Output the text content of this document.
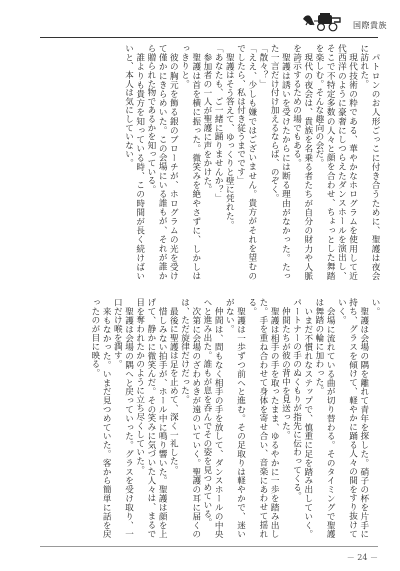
国際貴族

パトロンのお人形ごっこに付き合うために、聖護は夜会に訪れた。

現代技術の粋である、華やかなホログラムを使用して近代西洋のように豪奢にしつらえたダンスホールを演出し、そこで不特定多数の人々と顔を合わせ、ちょっとした舞踏を楽しむ。そんな趣向の会だ。

現代の夜会は、貴族を名乗る者たちが自分の財力や人脈を誇示するための場でもある。

聖護は誘いを受けたからには断る理由がなかった。たった一言だけ付け加えるならば、のぞく。

「散々？」

「ええ、少しも嫌ではございません。貴方がそれを望むのでしたら、私は付き従うまでです」

聖護はそう答えて、ゆっくりと壁に凭れた。

「あなたも、ご一緒に踊りませんか？」

参加者の一人が聖護に声をかけた。

聖護は首を横に振った。微笑みを絶やさずに、しかしはっきりと。

彼の胸元を飾る銀のブローチが、ホログラムの光を受けて僅かにきらめいた。この会場にいる誰もが、それが誰から贈られた物であるかを知っている。

誰よりも貴方を知っている時、この時間が長く続けばいいと、本人は気にしていない。

い。

聖護は会場の隅を離れて青年を探した。硝子の杯を片手に持ち、グラスを傾けて、軽やかに踊る人々の間をすり抜けていく。

会場に流れている曲が切り替わる。そのタイミングで聖護は舞踏の輪に加わった。

いまだ不慣れなステップで、慎重に足を踏み出していく。パートナーの手のぬくもりが指先に伝わってくる。

仲間たちが彼の背中を見送った。

聖護は相手の手を取ったまま、ゆるやかに一歩を踏み出した。手を重ね合わせて身体を寄せ合い、音楽にあわせて揺れる。

聖護は一歩ずつ前へと進む。その足取りは軽やかで、迷いがない。

仲間は、間もなく相手の手を放して、ダンスホールの中央へと進み出た。誰もが息を呑んでその姿を見つめている。

次第に会場のざわめきが遠のいていく。聖護の耳に届くのは、ただ旋律だけだった。

最後に聖護は足を止めて、深く一礼した。

惜しみない拍手が、ホール中に鳴り響いた。聖護は顔を上げて、静かに微笑んだ。その笑みに気づいた人々は、まるで目を奪われたかのように立ち尽くしていた。

聖護は会場の隅へと戻っていった。グラスを受け取り、一口だけ喉を潤す。

来もなかった。いまだ見つめていた。客から簡単に話を戻ったのが目に映る。

－ 24 －
